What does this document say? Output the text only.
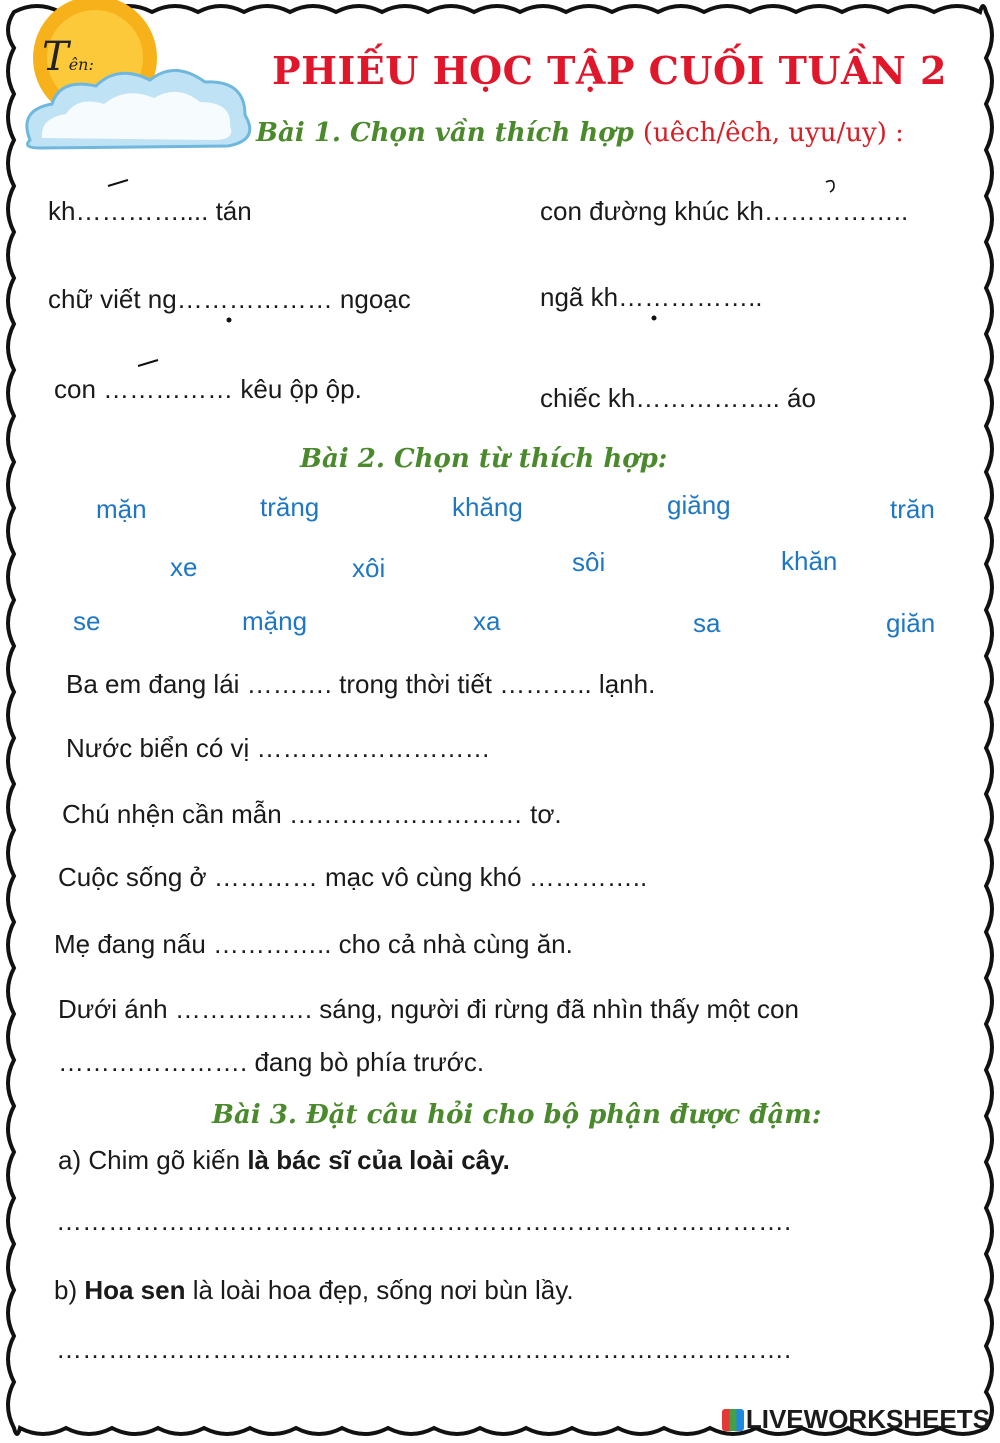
Tên:	PHIẾU HỌC TẬP CUỐI TUẦN 2
Bài 1. Chọn vần thích hợp (uêch/êch, uyu/uy) :
kh………….... tán	con đường khúc kh……………..
chữ viết ng……………… ngoạc	ngã kh……………..
con …………… kêu ộp ộp.	chiếc kh…………….. áo
Bài 2. Chọn từ thích hợp:
mặn	trăng	khăng	giăng	trăn
xe	xôi	sôi	khăn
se	mặng	xa	sa	giăn
Ba em đang lái ………. trong thời tiết ……….. lạnh.
Nước biển có vị ………………………
Chú nhện cần mẫn ……………………… tơ.
Cuộc sống ở ………… mạc vô cùng khó …………..
Mẹ đang nấu ………….. cho cả nhà cùng ăn.
Dưới ánh ……………. sáng, người đi rừng đã nhìn thấy một con
…………………. đang bò phía trước.
Bài 3. Đặt câu hỏi cho bộ phận được đậm:
a) Chim gõ kiến là bác sĩ của loài cây.
………………………………………………………………………….
b) Hoa sen là loài hoa đẹp, sống nơi bùn lầy.
………………………………………………………………………….
LIVEWORKSHEETS
